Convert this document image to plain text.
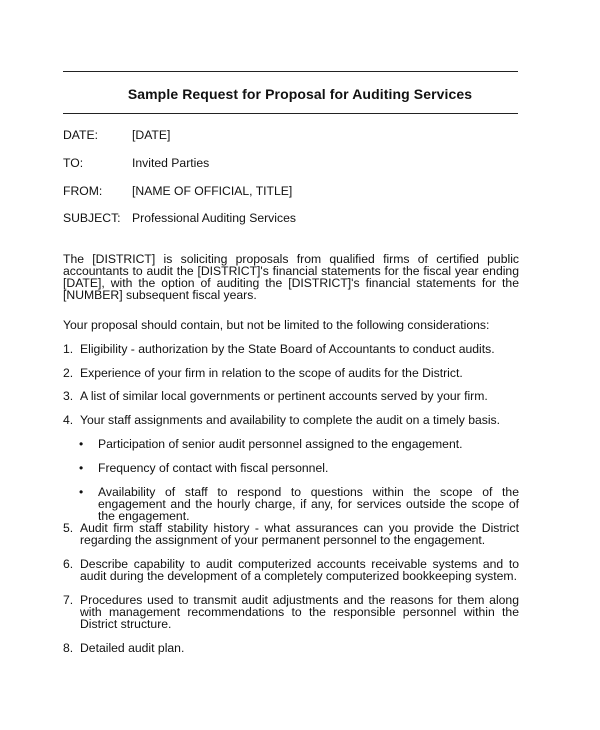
Sample Request for Proposal for Auditing Services
DATE:	[DATE]
TO:	Invited Parties
FROM: [NAME OF OFFICIAL, TITLE]
SUBJECT: Professional Auditing Services
The [DISTRICT] is soliciting proposals from qualified firms of certified public accountants to audit the [DISTRICT]'s financial statements for the fiscal year ending [DATE], with the option of auditing the [DISTRICT]'s financial statements for the [NUMBER] subsequent fiscal years.
Your proposal should contain, but not be limited to the following considerations:
1. Eligibility - authorization by the State Board of Accountants to conduct audits.
2. Experience of your firm in relation to the scope of audits for the District.
3. A list of similar local governments or pertinent accounts served by your firm.
4. Your staff assignments and availability to complete the audit on a timely basis.
• Participation of senior audit personnel assigned to the engagement.
• Frequency of contact with fiscal personnel.
• Availability of staff to respond to questions within the scope of the engagement and the hourly charge, if any, for services outside the scope of the engagement.
5. Audit firm staff stability history - what assurances can you provide the District regarding the assignment of your permanent personnel to the engagement.
6. Describe capability to audit computerized accounts receivable systems and to audit during the development of a completely computerized bookkeeping system.
7. Procedures used to transmit audit adjustments and the reasons for them along with management recommendations to the responsible personnel within the District structure.
8. Detailed audit plan.
